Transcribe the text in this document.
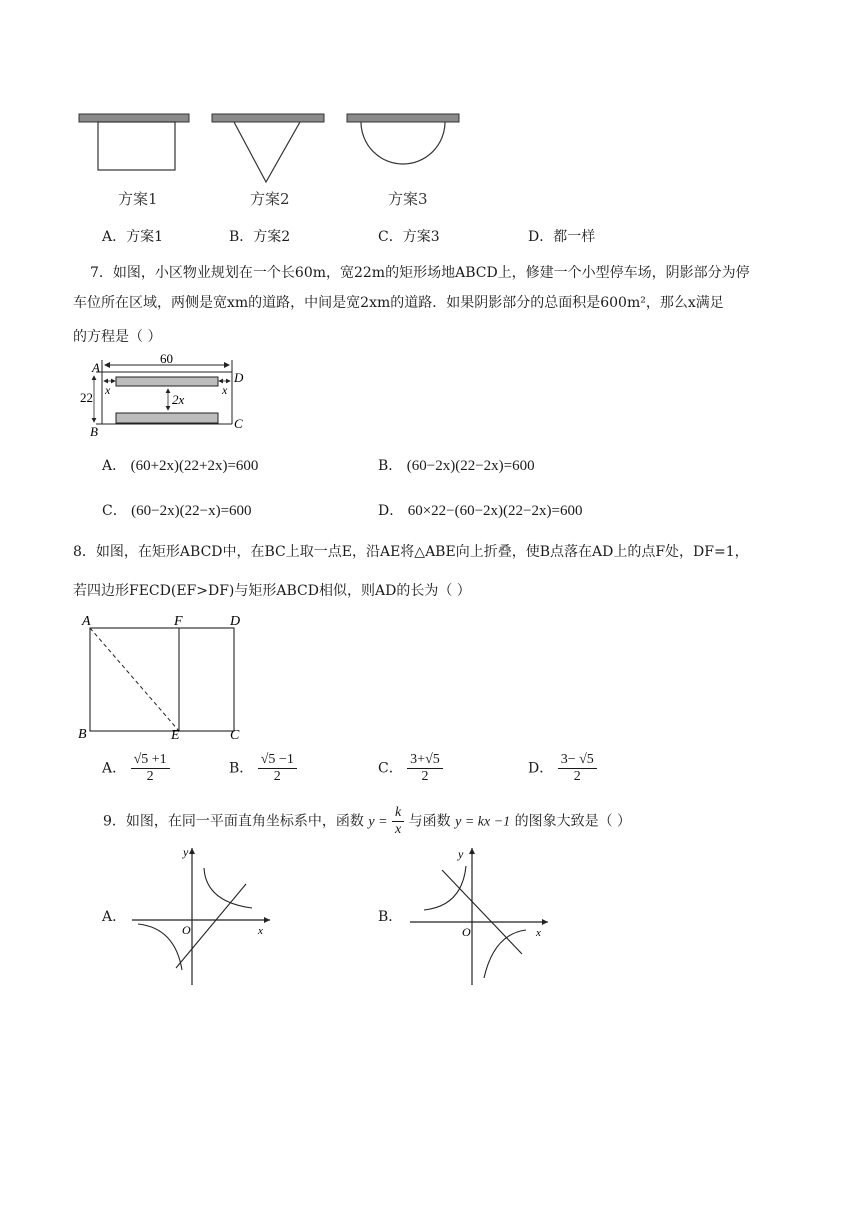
方案1	方案2	方案3
A．方案1	B．方案2	C．方案3	D．都一样
7．如图，小区物业规划在一个长60m，宽22m的矩形场地ABCD上，修建一个小型停车场，阴影部分为停
车位所在区域，两侧是宽xm的道路，中间是宽2xm的道路．如果阴影部分的总面积是600m²，那么x满足
的方程是（ ）
60
22	2x
x	x
A
B
C
D
A． (60+2x)(22+2x)=600	B． (60−2x)(22−2x)=600
C． (60−2x)(22−x)=600	D． 60×22−(60−2x)(22−2x)=600
8．如图，在矩形ABCD中，在BC上取一点E，沿AE将△ABE向上折叠，使B点落在AD上的点F处，DF=1，
若四边形FECD(EF>DF)与矩形ABCD相似，则AD的长为（ ）
A	F	D
B	E	C
A． $\frac{√5 +1}{2}$	B． $\frac{√5 -1}{2}$	C． $\frac{3+√5}{2}$	D． $\frac{3- √5}{2}$
9．如图，在同一平面直角坐标系中，函数 $y = \frac{k}{x}$ 与函数 y = kx −1 的图象大致是（ ）
A．
y
x
O
B．
y
x
O
